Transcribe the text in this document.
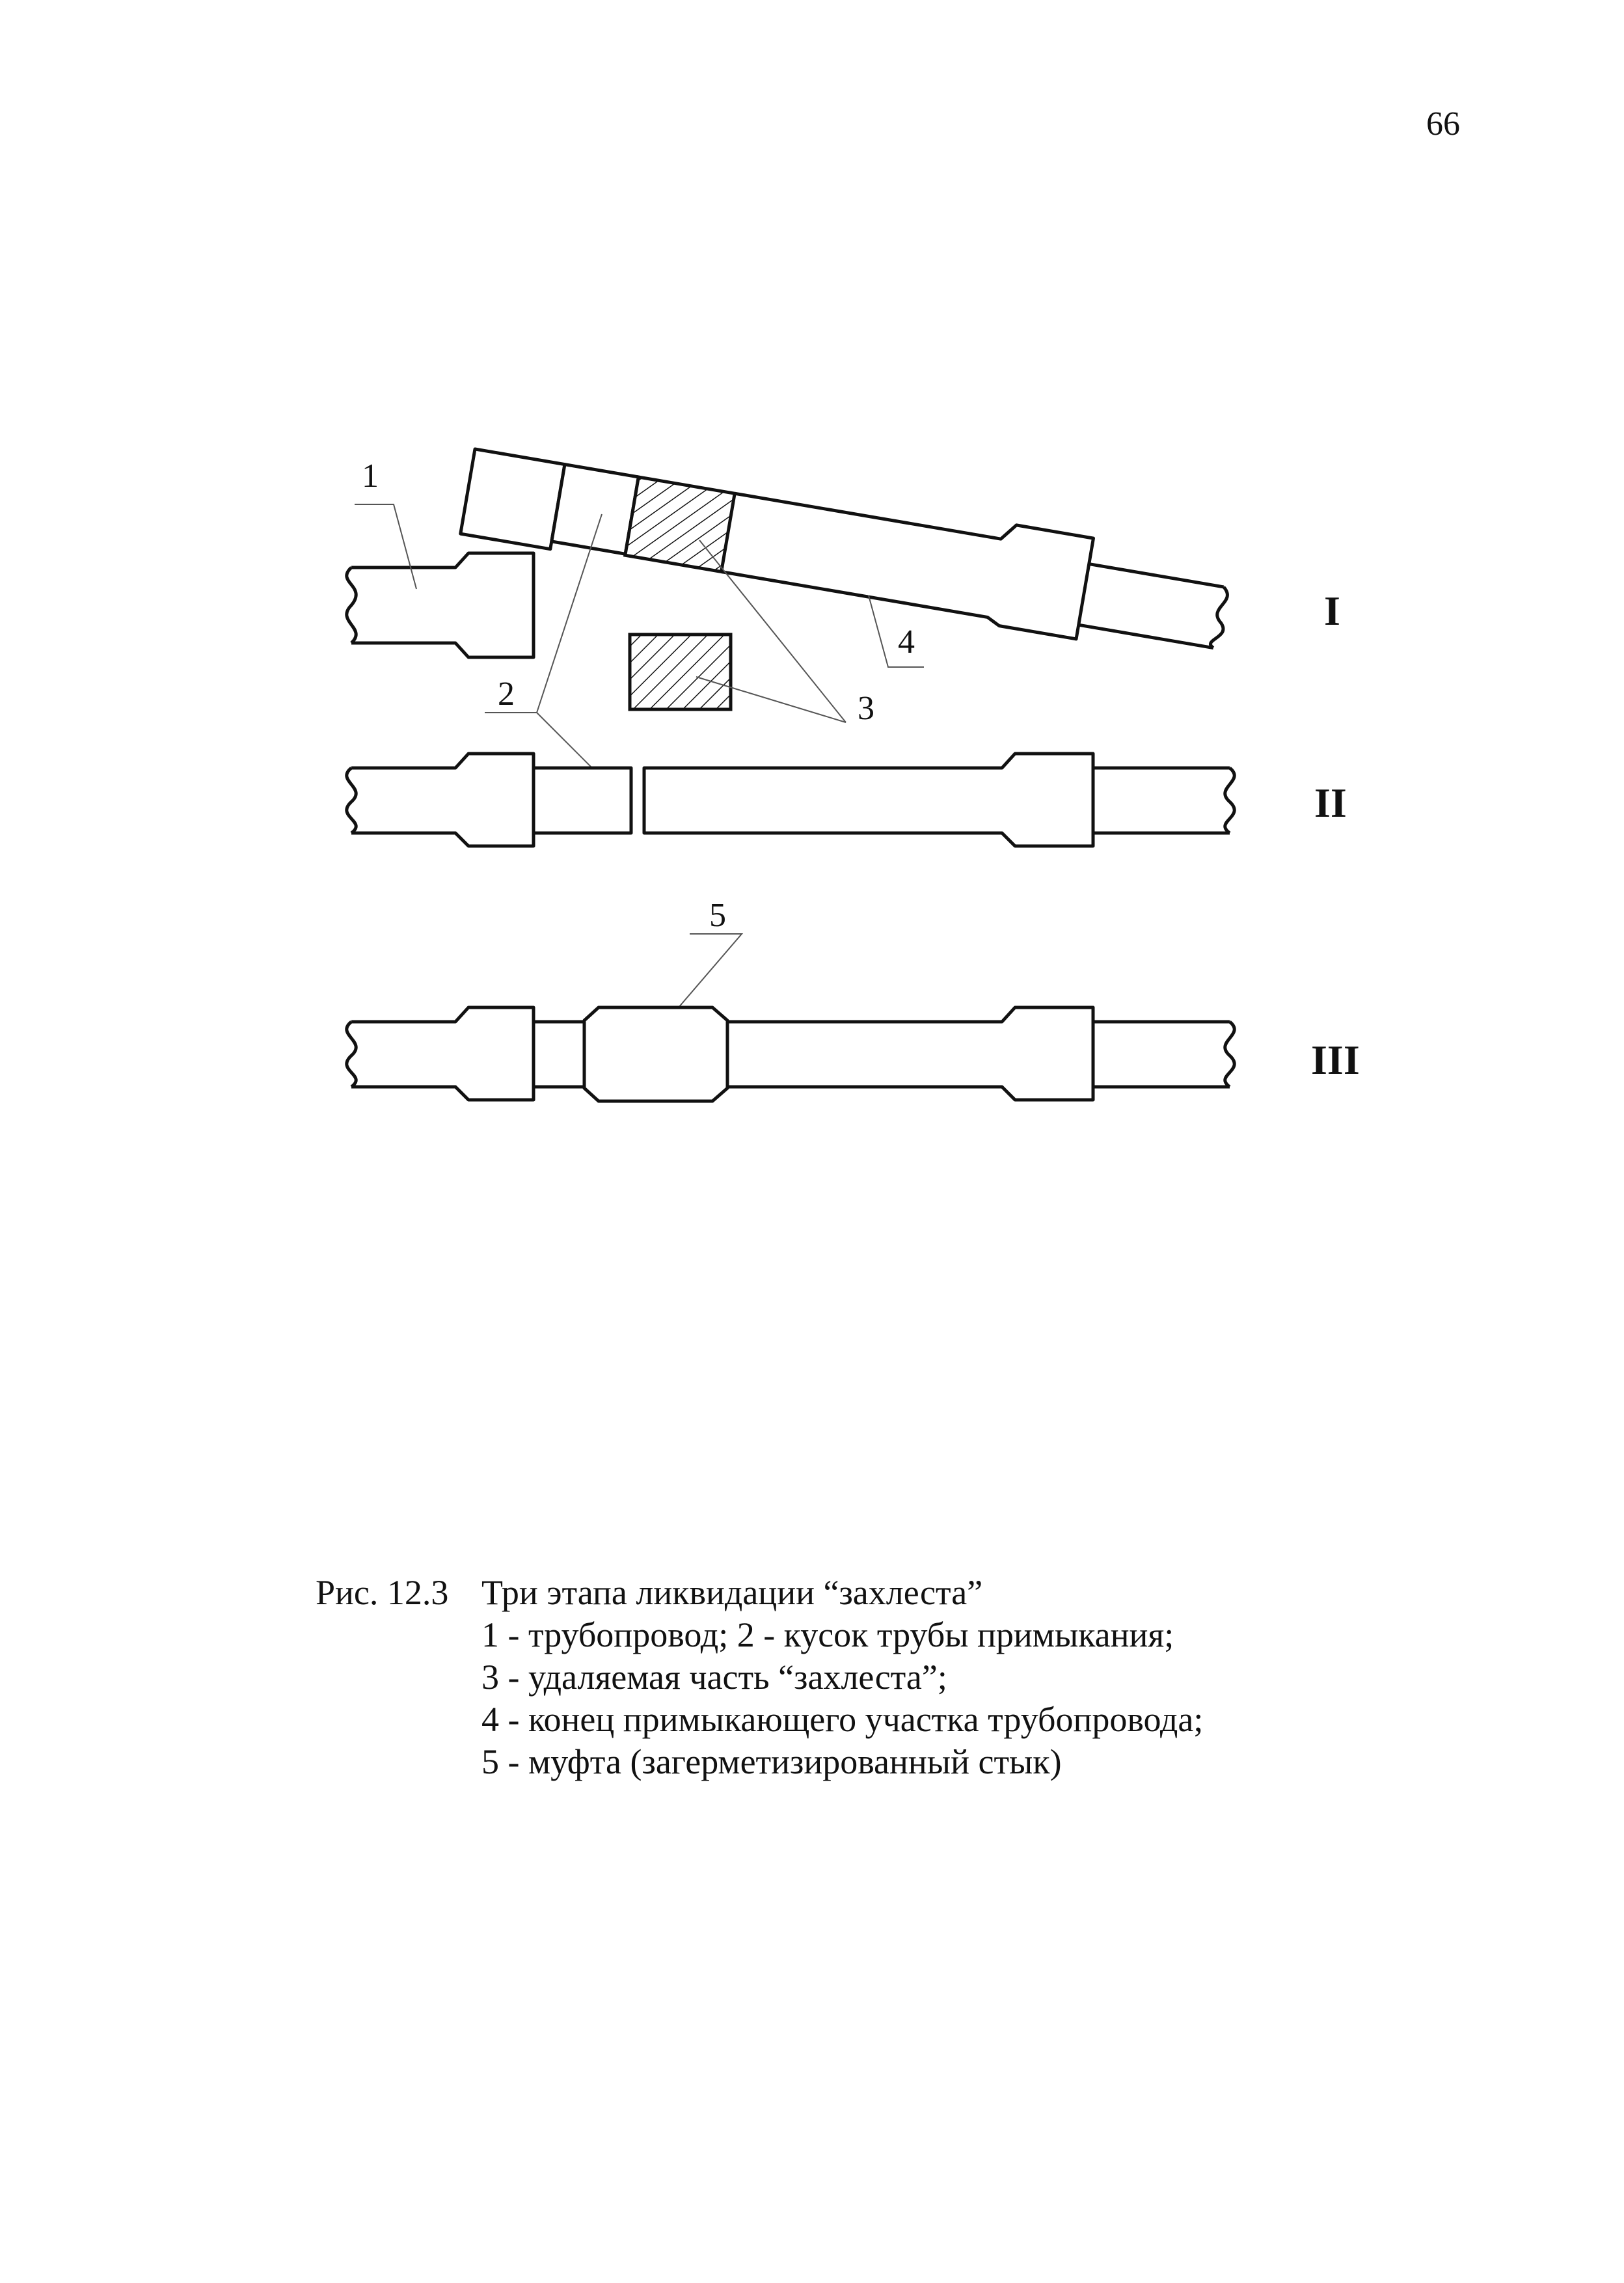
66
1
2	3
4
5
I
II
III
Рис. 12.3 Три этапа ликвидации “захлеста”
1 - трубопровод; 2 - кусок трубы примыкания;
3 - удаляемая часть “захлеста”;
4 - конец примыкающего участка трубопровода;
5 - муфта (загерметизированный стык)
